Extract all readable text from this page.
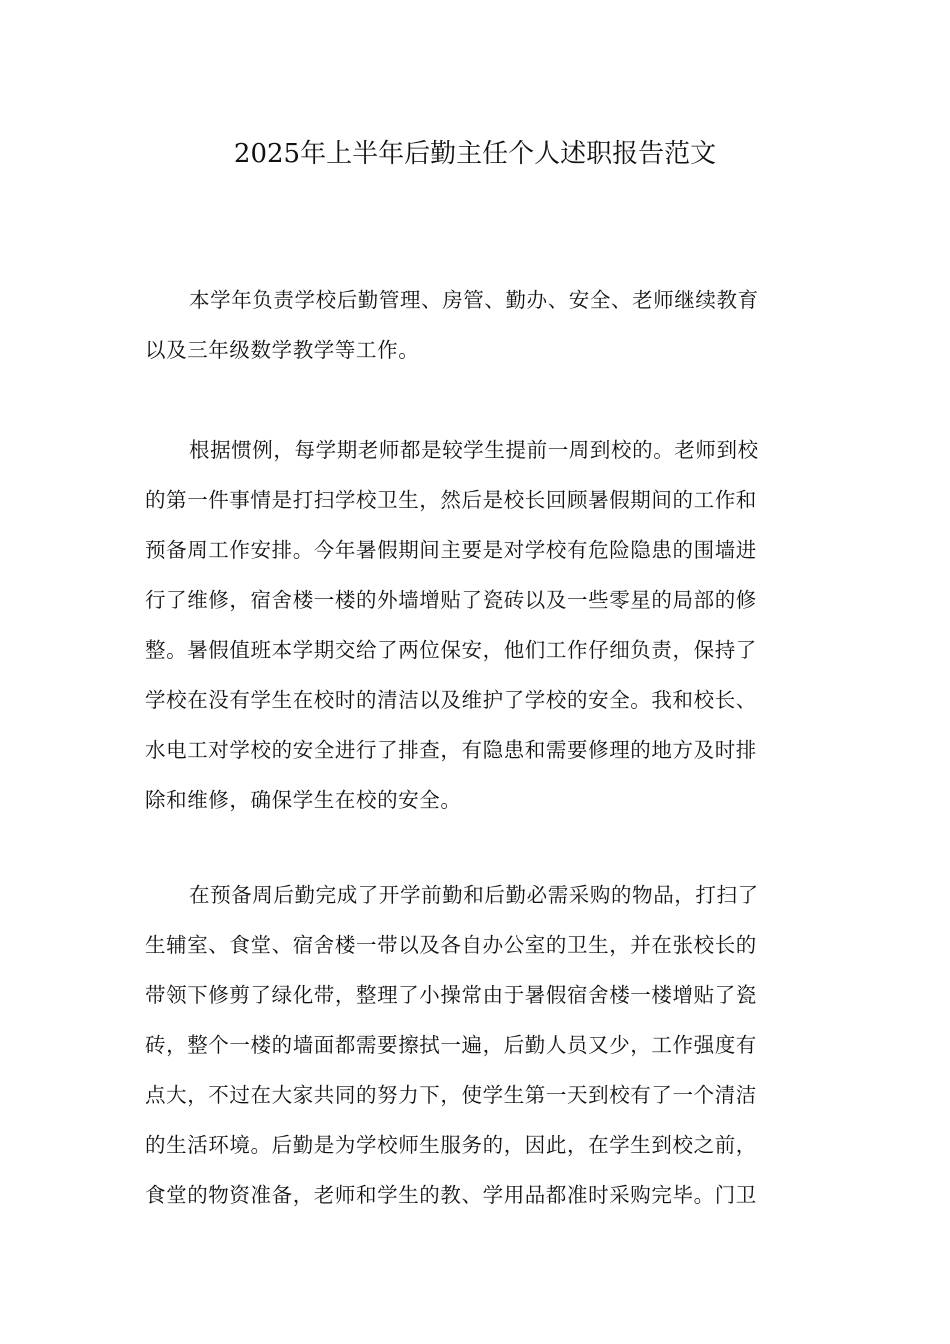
2025年上半年后勤主任个人述职报告范文
本学年负责学校后勤管理、房管、勤办、安全、老师继续教育
以及三年级数学教学等工作。
根据惯例，每学期老师都是较学生提前一周到校的。老师到校
的第一件事情是打扫学校卫生，然后是校长回顾暑假期间的工作和
预备周工作安排。今年暑假期间主要是对学校有危险隐患的围墙进
行了维修，宿舍楼一楼的外墙增贴了瓷砖以及一些零星的局部的修
整。暑假值班本学期交给了两位保安，他们工作仔细负责，保持了
学校在没有学生在校时的清洁以及维护了学校的安全。我和校长、
水电工对学校的安全进行了排查，有隐患和需要修理的地方及时排
除和维修，确保学生在校的安全。
在预备周后勤完成了开学前勤和后勤必需采购的物品，打扫了
生辅室、食堂、宿舍楼一带以及各自办公室的卫生，并在张校长的
带领下修剪了绿化带，整理了小操常由于暑假宿舍楼一楼增贴了瓷
砖，整个一楼的墙面都需要擦拭一遍，后勤人员又少，工作强度有
点大，不过在大家共同的努力下，使学生第一天到校有了一个清洁
的生活环境。后勤是为学校师生服务的，因此，在学生到校之前，
食堂的物资准备，老师和学生的教、学用品都准时采购完毕。门卫
